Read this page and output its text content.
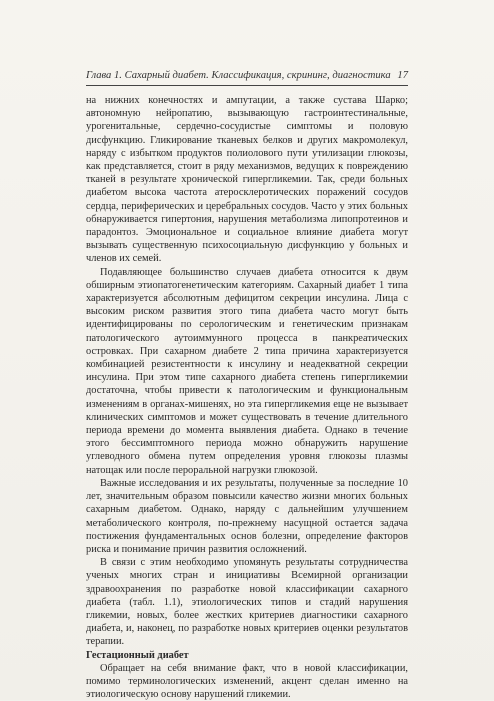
Глава 1. Сахарный диабет. Классификация, скрининг, диагностика 17

на нижних конечностях и ампутации, а также сустава Шарко; автономную нейропатию, вызывающую гастроинтестинальные, урогенитальные, сердечно-сосудистые симптомы и половую дисфункцию. Гликирование тканевых белков и других макромолекул, наряду с избытком продуктов полиолового пути утилизации глюкозы, как представляется, стоит в ряду механизмов, ведущих к повреждению тканей в результате хронической гипергликемии. Так, среди больных диабетом высока частота атеросклеротических поражений сосудов сердца, периферических и церебральных сосудов. Часто у этих больных обнаруживается гипертония, нарушения метаболизма липопротеинов и парадонтоз. Эмоциональное и социальное влияние диабета могут вызывать существенную психосоциальную дисфункцию у больных и членов их семей.

Подавляющее большинство случаев диабета относится к двум обширным этиопатогенетическим категориям. Сахарный диабет 1 типа характеризуется абсолютным дефицитом секреции инсулина. Лица с высоким риском развития этого типа диабета часто могут быть идентифицированы по серологическим и генетическим признакам патологического аутоиммунного процесса в панкреатических островках. При сахарном диабете 2 типа причина характеризуется комбинацией резистентности к инсулину и неадекватной секреции инсулина. При этом типе сахарного диабета степень гипергликемии достаточна, чтобы привести к патологическим и функциональным изменениям в органах-мишенях, но эта гипергликемия еще не вызывает клинических симптомов и может существовать в течение длительного периода времени до момента выявления диабета. Однако в течение этого бессимптомного периода можно обнаружить нарушение углеводного обмена путем определения уровня глюкозы плазмы натощак или после пероральной нагрузки глюкозой.

Важные исследования и их результаты, полученные за последние 10 лет, значительным образом повысили качество жизни многих больных сахарным диабетом. Однако, наряду с дальнейшим улучшением метаболического контроля, по-прежнему насущной остается задача постижения фундаментальных основ болезни, определение факторов риска и понимание причин развития осложнений.

В связи с этим необходимо упомянуть результаты сотрудничества ученых многих стран и инициативы Всемирной организации здравоохранения по разработке новой классификации сахарного диабета (табл. 1.1), этиологических типов и стадий нарушения гликемии, новых, более жестких критериев диагностики сахарного диабета, и, наконец, по разработке новых критериев оценки результатов терапии.

Гестационный диабет

Обращает на себя внимание факт, что в новой классификации, помимо терминологических изменений, акцент сделан именно на этиологическую основу нарушений гликемии.
